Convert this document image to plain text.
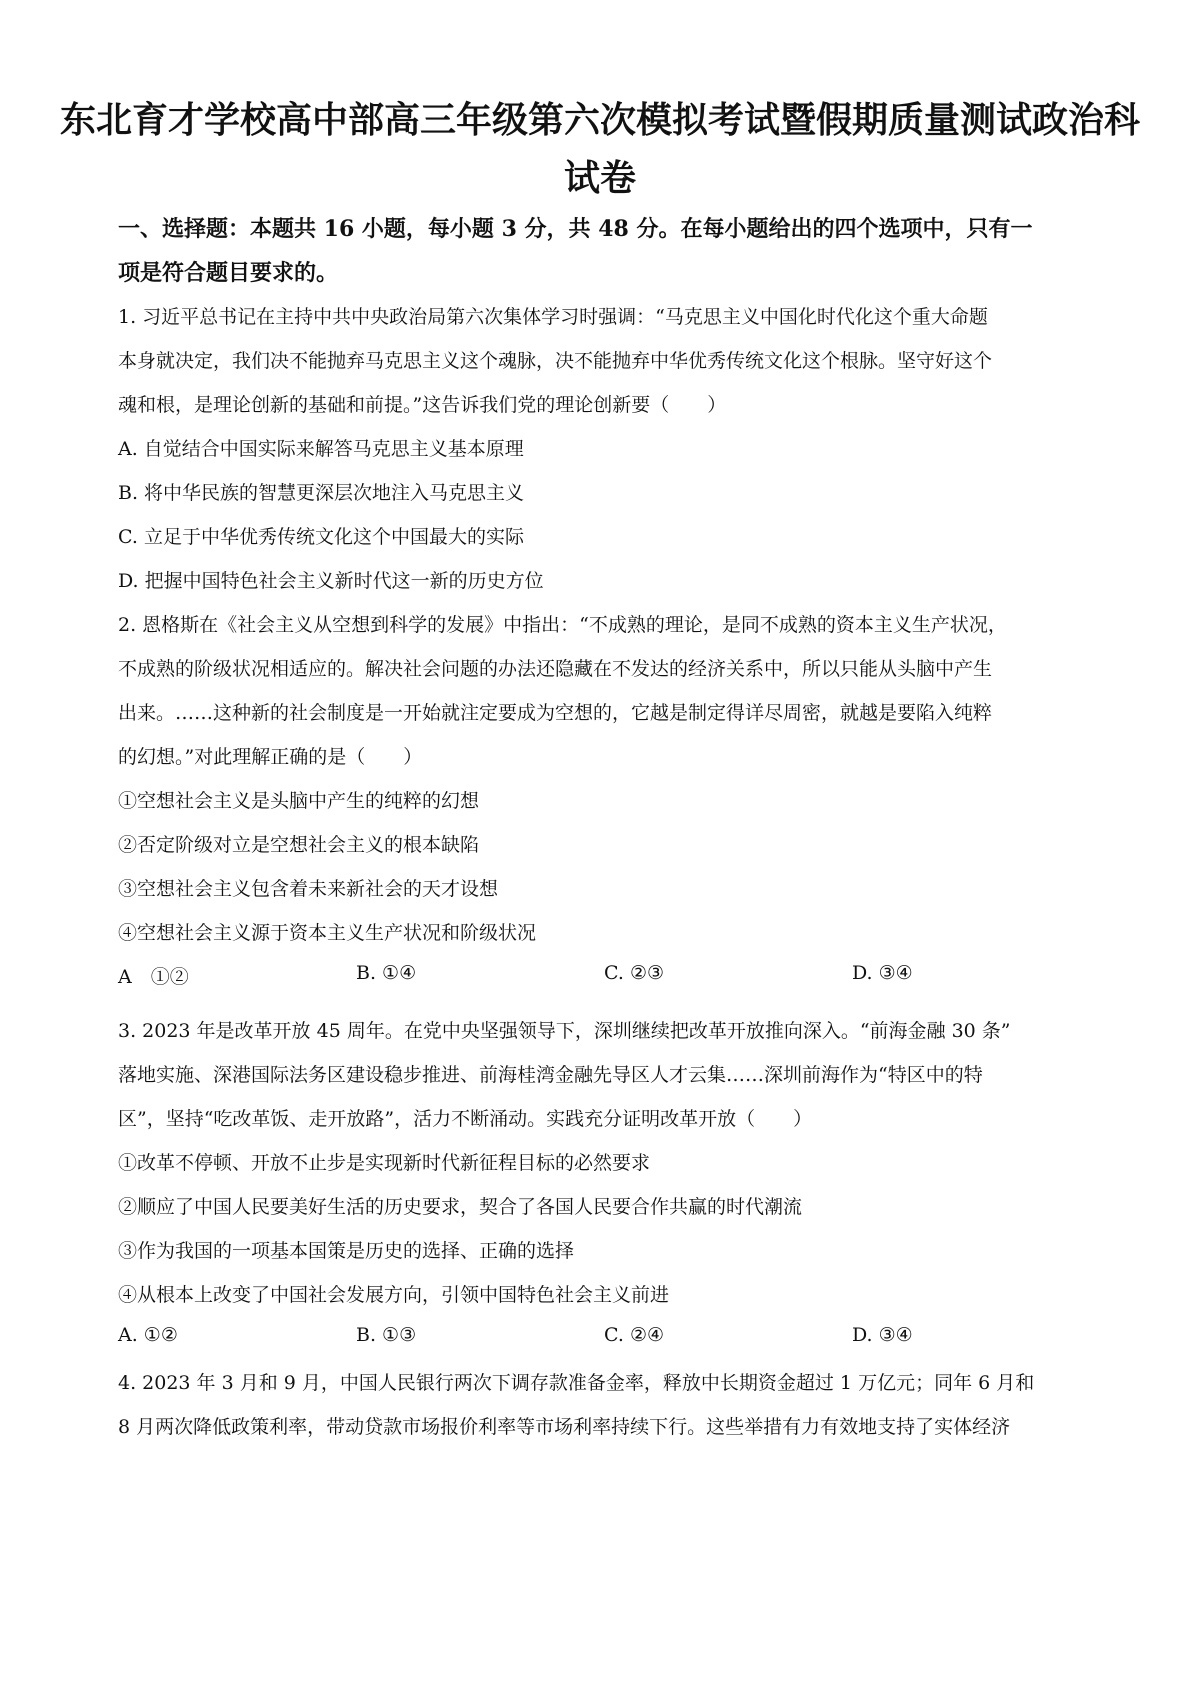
东北育才学校高中部高三年级第六次模拟考试暨假期质量测试政治科
试卷
一、选择题：本题共 16 小题，每小题 3 分，共 48 分。在每小题给出的四个选项中，只有一
项是符合题目要求的。
1. 习近平总书记在主持中共中央政治局第六次集体学习时强调：“马克思主义中国化时代化这个重大命题
本身就决定，我们决不能抛弃马克思主义这个魂脉，决不能抛弃中华优秀传统文化这个根脉。坚守好这个
魂和根，是理论创新的基础和前提。”这告诉我们党的理论创新要（　　）
A. 自觉结合中国实际来解答马克思主义基本原理
B. 将中华民族的智慧更深层次地注入马克思主义
C. 立足于中华优秀传统文化这个中国最大的实际
D. 把握中国特色社会主义新时代这一新的历史方位
2. 恩格斯在《社会主义从空想到科学的发展》中指出：“不成熟的理论，是同不成熟的资本主义生产状况，
不成熟的阶级状况相适应的。解决社会问题的办法还隐藏在不发达的经济关系中，所以只能从头脑中产生
出来。……这种新的社会制度是一开始就注定要成为空想的，它越是制定得详尽周密，就越是要陷入纯粹
的幻想。”对此理解正确的是（　　）
①空想社会主义是头脑中产生的纯粹的幻想
②否定阶级对立是空想社会主义的根本缺陷
③空想社会主义包含着未来新社会的天才设想
④空想社会主义源于资本主义生产状况和阶级状况
A　①②	B. ①④	C. ②③	D. ③④
3. 2023 年是改革开放 45 周年。在党中央坚强领导下，深圳继续把改革开放推向深入。“前海金融 30 条”
落地实施、深港国际法务区建设稳步推进、前海桂湾金融先导区人才云集……深圳前海作为“特区中的特
区”，坚持“吃改革饭、走开放路”，活力不断涌动。实践充分证明改革开放（　　）
①改革不停顿、开放不止步是实现新时代新征程目标的必然要求
②顺应了中国人民要美好生活的历史要求，契合了各国人民要合作共赢的时代潮流
③作为我国的一项基本国策是历史的选择、正确的选择
④从根本上改变了中国社会发展方向，引领中国特色社会主义前进
A. ①②	B. ①③	C. ②④	D. ③④
4. 2023 年 3 月和 9 月，中国人民银行两次下调存款准备金率，释放中长期资金超过 1 万亿元；同年 6 月和
8 月两次降低政策利率，带动贷款市场报价利率等市场利率持续下行。这些举措有力有效地支持了实体经济
